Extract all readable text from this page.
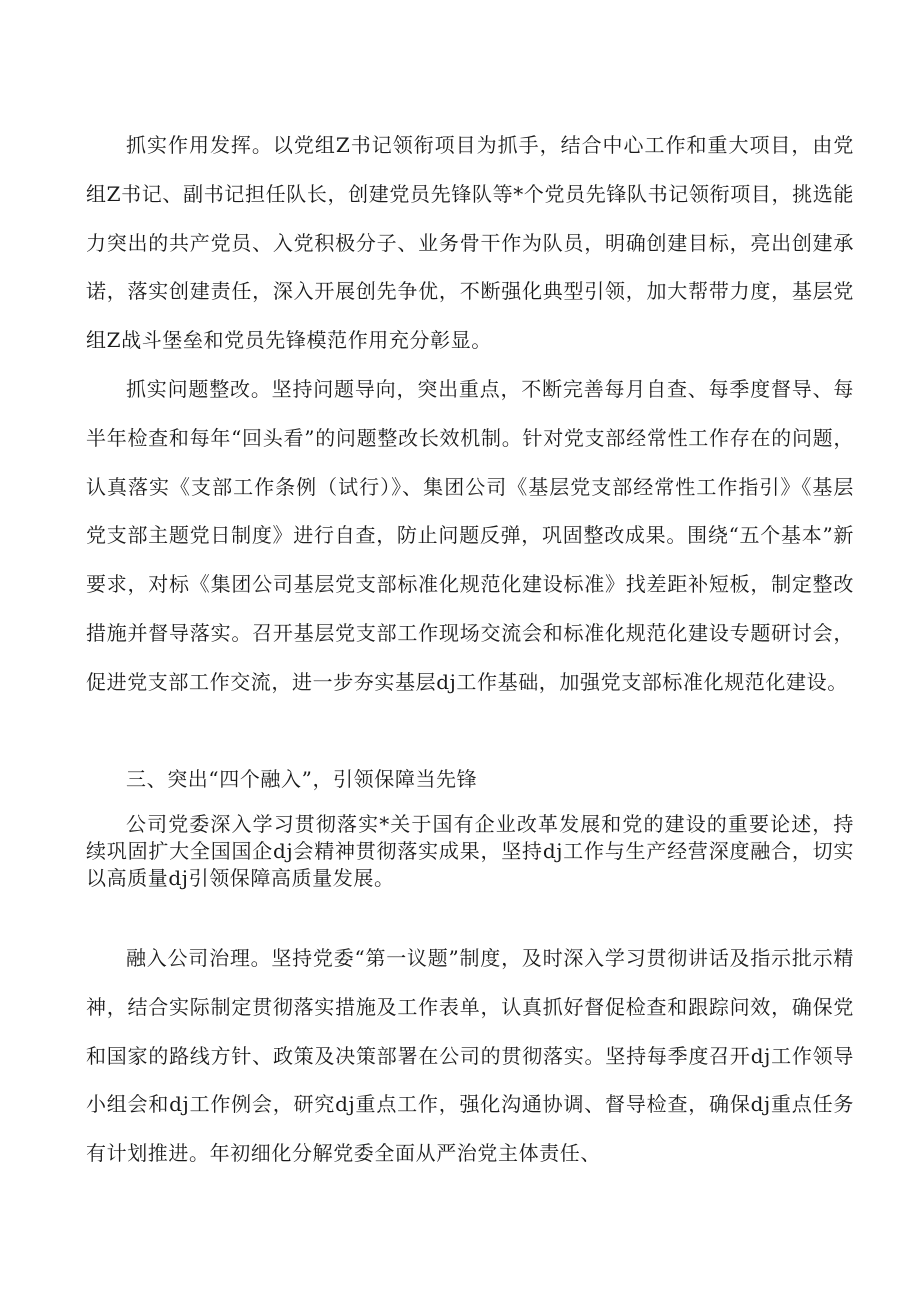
抓实作用发挥。以党组Z书记领衔项目为抓手，结合中心工作和重大项目，由党组Z书记、副书记担任队长，创建党员先锋队等*个党员先锋队书记领衔项目，挑选能力突出的共产党员、入党积极分子、业务骨干作为队员，明确创建目标，亮出创建承诺，落实创建责任，深入开展创先争优，不断强化典型引领，加大帮带力度，基层党组Z战斗堡垒和党员先锋模范作用充分彰显。

抓实问题整改。坚持问题导向，突出重点，不断完善每月自查、每季度督导、每半年检查和每年“回头看”的问题整改长效机制。针对党支部经常性工作存在的问题，认真落实《支部工作条例（试行）》、集团公司《基层党支部经常性工作指引》《基层党支部主题党日制度》进行自查，防止问题反弹，巩固整改成果。围绕“五个基本”新要求，对标《集团公司基层党支部标准化规范化建设标准》找差距补短板，制定整改措施并督导落实。召开基层党支部工作现场交流会和标准化规范化建设专题研讨会，促进党支部工作交流，进一步夯实基层dj工作基础，加强党支部标准化规范化建设。

三、突出“四个融入”，引领保障当先锋

公司党委深入学习贯彻落实*关于国有企业改革发展和党的建设的重要论述，持续巩固扩大全国国企dj会精神贯彻落实成果，坚持dj工作与生产经营深度融合，切实以高质量dj引领保障高质量发展。

融入公司治理。坚持党委“第一议题”制度，及时深入学习贯彻讲话及指示批示精神，结合实际制定贯彻落实措施及工作表单，认真抓好督促检查和跟踪问效，确保党和国家的路线方针、政策及决策部署在公司的贯彻落实。坚持每季度召开dj工作领导小组会和dj工作例会，研究dj重点工作，强化沟通协调、督导检查，确保dj重点任务有计划推进。年初细化分解党委全面从严治党主体责任、
